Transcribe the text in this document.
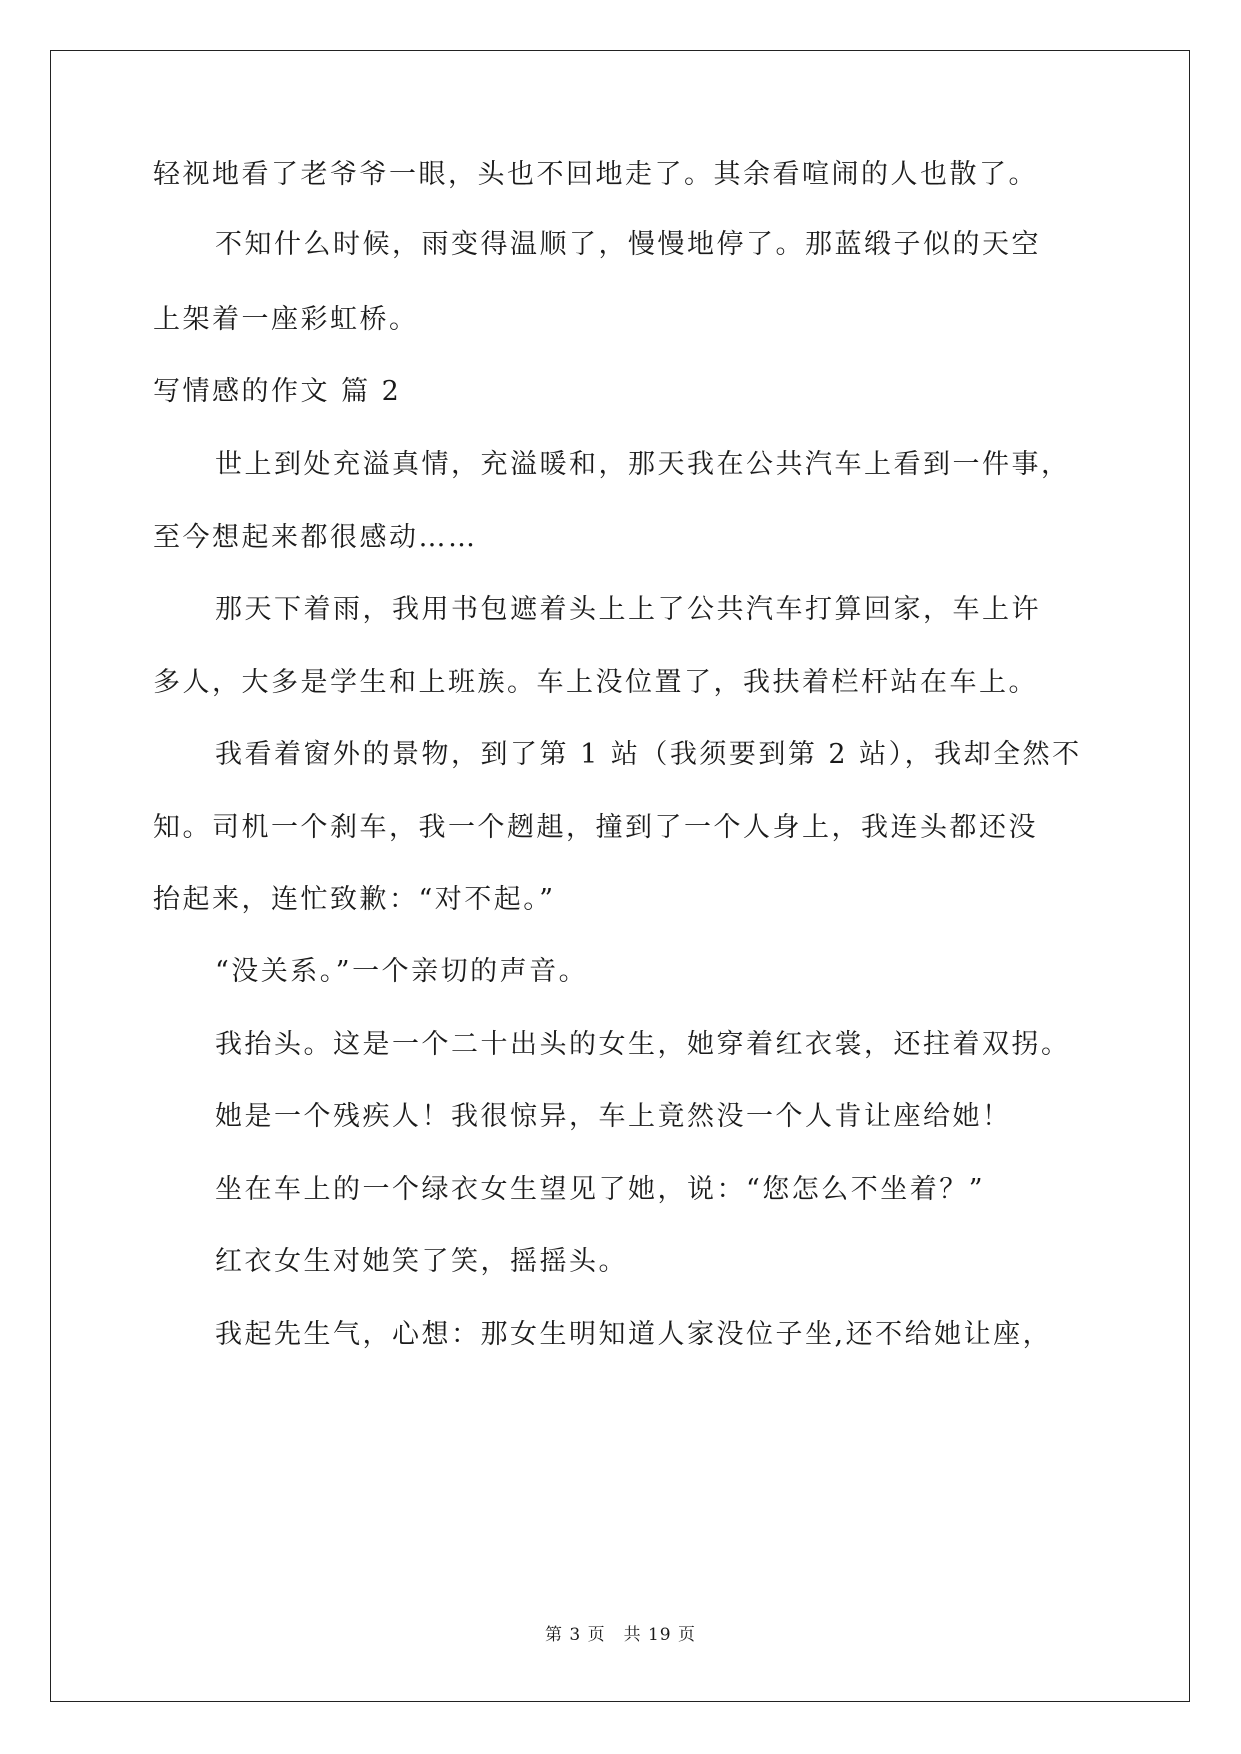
轻视地看了老爷爷一眼，头也不回地走了。其余看喧闹的人也散了。
不知什么时候，雨变得温顺了，慢慢地停了。那蓝缎子似的天空
上架着一座彩虹桥。
写情感的作文 篇 2
世上到处充溢真情，充溢暖和，那天我在公共汽车上看到一件事，
至今想起来都很感动……
那天下着雨，我用书包遮着头上上了公共汽车打算回家，车上许
多人，大多是学生和上班族。车上没位置了，我扶着栏杆站在车上。
我看着窗外的景物，到了第 1 站（我须要到第 2 站），我却全然不
知。司机一个刹车，我一个趔趄，撞到了一个人身上，我连头都还没
抬起来，连忙致歉：“对不起。”
“没关系。”一个亲切的声音。
我抬头。这是一个二十出头的女生，她穿着红衣裳，还拄着双拐。
她是一个残疾人！我很惊异，车上竟然没一个人肯让座给她！
坐在车上的一个绿衣女生望见了她，说：“您怎么不坐着？”
红衣女生对她笑了笑，摇摇头。
我起先生气，心想：那女生明知道人家没位子坐,还不给她让座，
第 3 页　共 19 页
